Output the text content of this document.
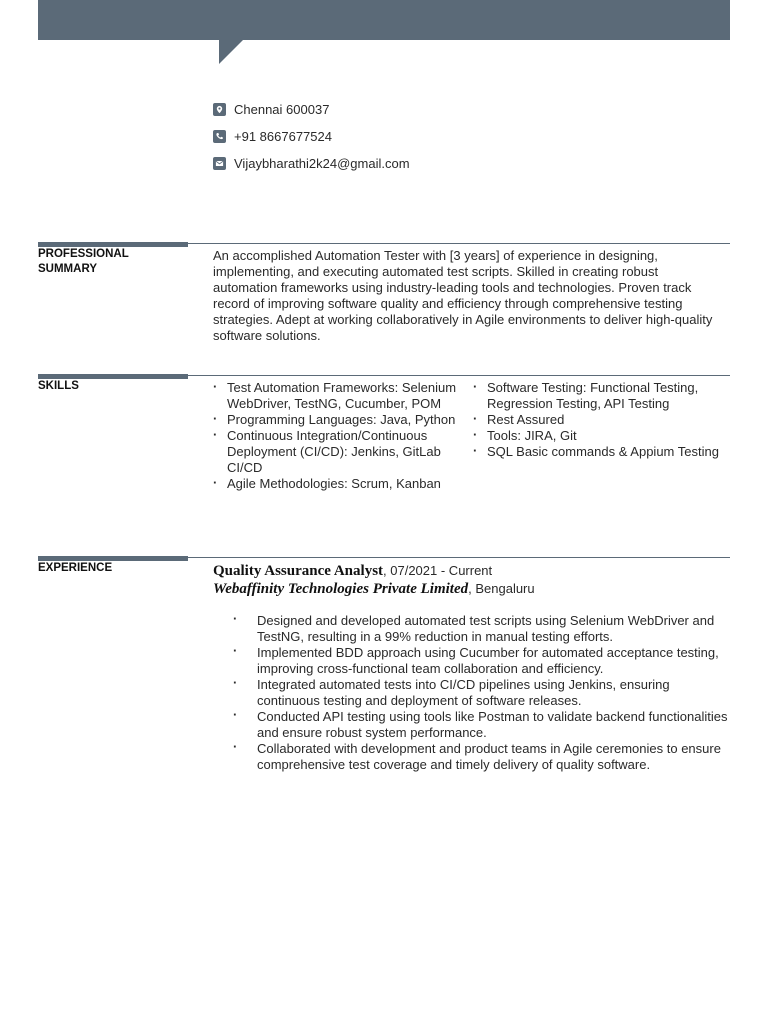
Chennai 600037
+91 8667677524
Vijaybharathi2k24@gmail.com
PROFESSIONAL SUMMARY
An accomplished Automation Tester with [3 years] of experience in designing, implementing, and executing automated test scripts. Skilled in creating robust automation frameworks using industry-leading tools and technologies. Proven track record of improving software quality and efficiency through comprehensive testing strategies. Adept at working collaboratively in Agile environments to deliver high-quality software solutions.
SKILLS
·	Test Automation Frameworks: Selenium WebDriver, TestNG, Cucumber, POM
· Programming Languages: Java, Python
· Continuous Integration/Continuous Deployment (CI/CD): Jenkins, GitLab CI/CD
· Agile Methodologies: Scrum, Kanban
· Software Testing: Functional Testing, Regression Testing, API Testing
· Rest Assured
· Tools: JIRA, Git
· SQL Basic commands & Appium Testing
EXPERIENCE	Quality Assurance Analyst, 07/2021 - Current
Webaffinity Technologies Private Limited, Bengaluru
· Designed and developed automated test scripts using Selenium WebDriver and TestNG, resulting in a 99% reduction in manual testing efforts.
· Implemented BDD approach using Cucumber for automated acceptance testing, improving cross-functional team collaboration and efficiency.
· Integrated automated tests into CI/CD pipelines using Jenkins, ensuring continuous testing and deployment of software releases.
· Conducted API testing using tools like Postman to validate backend functionalities and ensure robust system performance.
· Collaborated with development and product teams in Agile ceremonies to ensure comprehensive test coverage and timely delivery of quality software.
